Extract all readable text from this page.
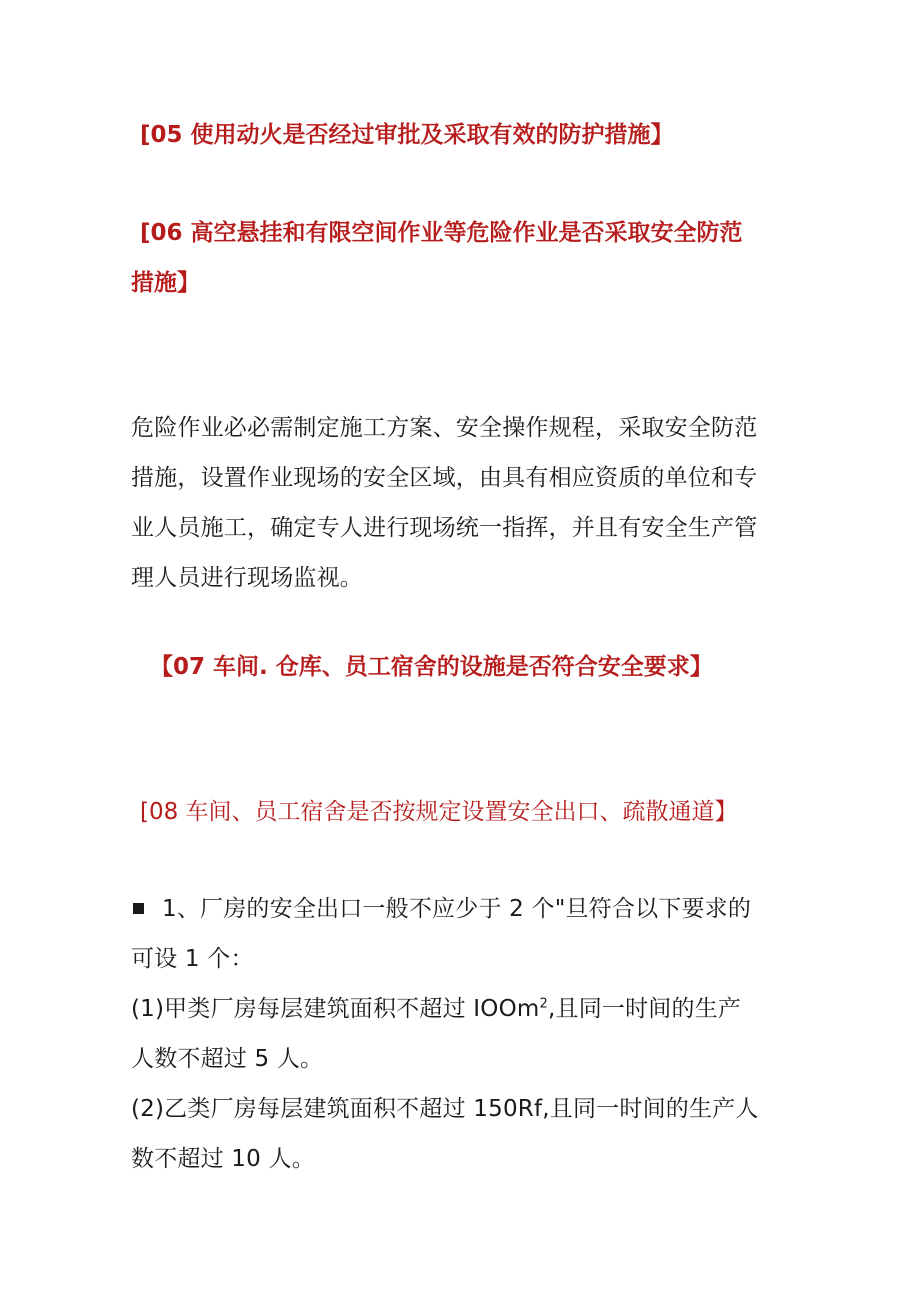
[05 使用动火是否经过审批及采取有效的防护措施】
[06 高空悬挂和有限空间作业等危险作业是否采取安全防范
措施】
危险作业必必需制定施工方案、安全操作规程，采取安全防范
措施，设置作业现场的安全区域，由具有相应资质的单位和专
业人员施工，确定专人进行现场统一指挥，并且有安全生产管
理人员进行现场监视。
【07 车间. 仓库、员工宿舍的设施是否符合安全要求】
[08 车间、员工宿舍是否按规定设置安全出口、疏散通道】
1、厂房的安全出口一般不应少于 2 个"旦符合以下要求的
可设 1 个：
(1)甲类厂房每层建筑面积不超过 IOOm$^2$,且同一时间的生产
人数不超过 5 人。
(2)乙类厂房每层建筑面积不超过 150Rf,且同一时间的生产人
数不超过 10 人。
